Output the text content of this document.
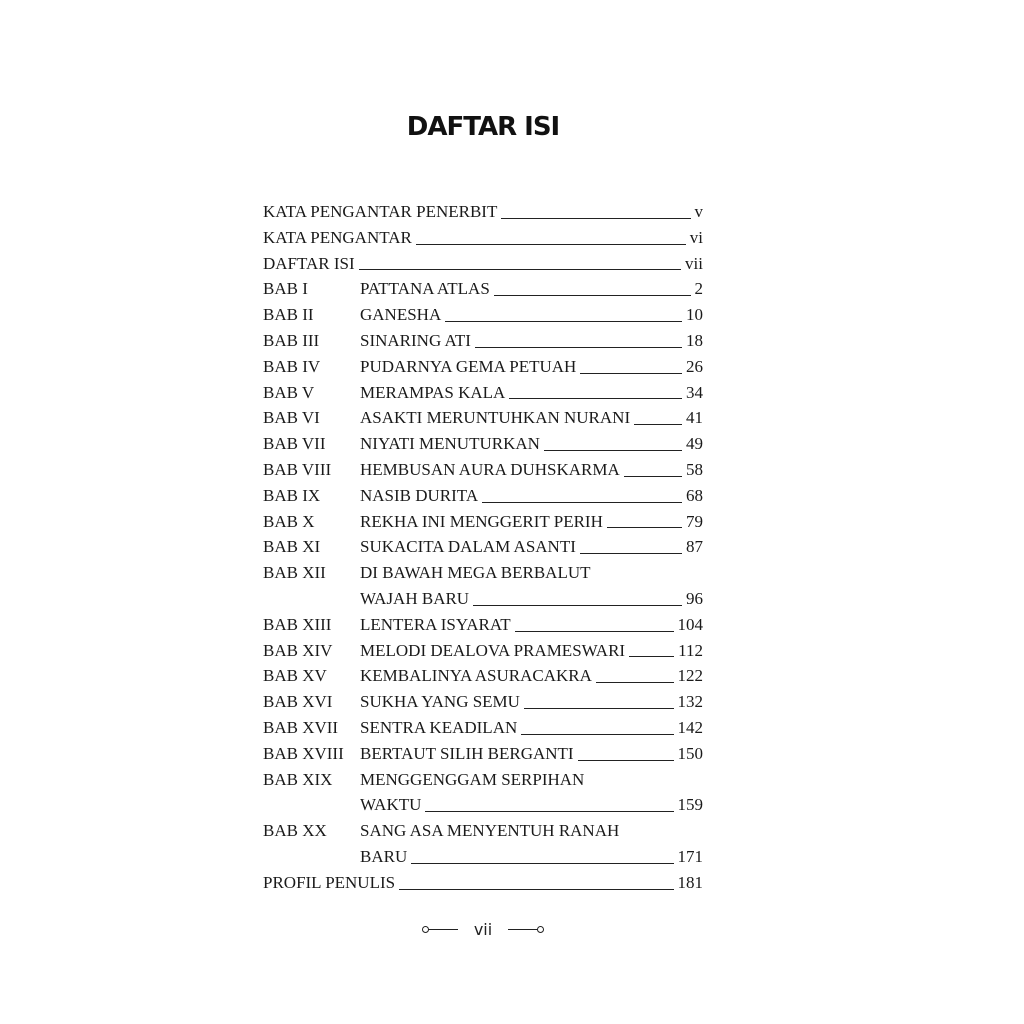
DAFTAR ISI
KATA PENGANTAR PENERBIT	v
KATA PENGANTAR	vi
DAFTAR ISI	vii
BAB I	PATTANA ATLAS	2
BAB II	GANESHA	10
BAB III	SINARING ATI	18
BAB IV	PUDARNYA GEMA PETUAH	26
BAB V	MERAMPAS KALA	34
BAB VI	ASAKTI MERUNTUHKAN NURANI	41
BAB VII	NIYATI MENUTURKAN	49
BAB VIII	HEMBUSAN AURA DUHSKARMA	58
BAB IX	NASIB DURITA	68
BAB X	REKHA INI MENGGERIT PERIH	79
BAB XI	SUKACITA DALAM ASANTI	87
BAB XII	DI BAWAH MEGA BERBALUT
WAJAH BARU	96
BAB XIII	LENTERA ISYARAT	104
BAB XIV	MELODI DEALOVA PRAMESWARI	112
BAB XV	KEMBALINYA ASURACAKRA	122
BAB XVI	SUKHA YANG SEMU	132
BAB XVII	SENTRA KEADILAN	142
BAB XVIII BERTAUT SILIH BERGANTI	150
BAB XIX	MENGGENGGAM SERPIHAN
WAKTU	159
BAB XX	SANG ASA MENYENTUH RANAH
BARU	171
PROFIL PENULIS	181
vii
